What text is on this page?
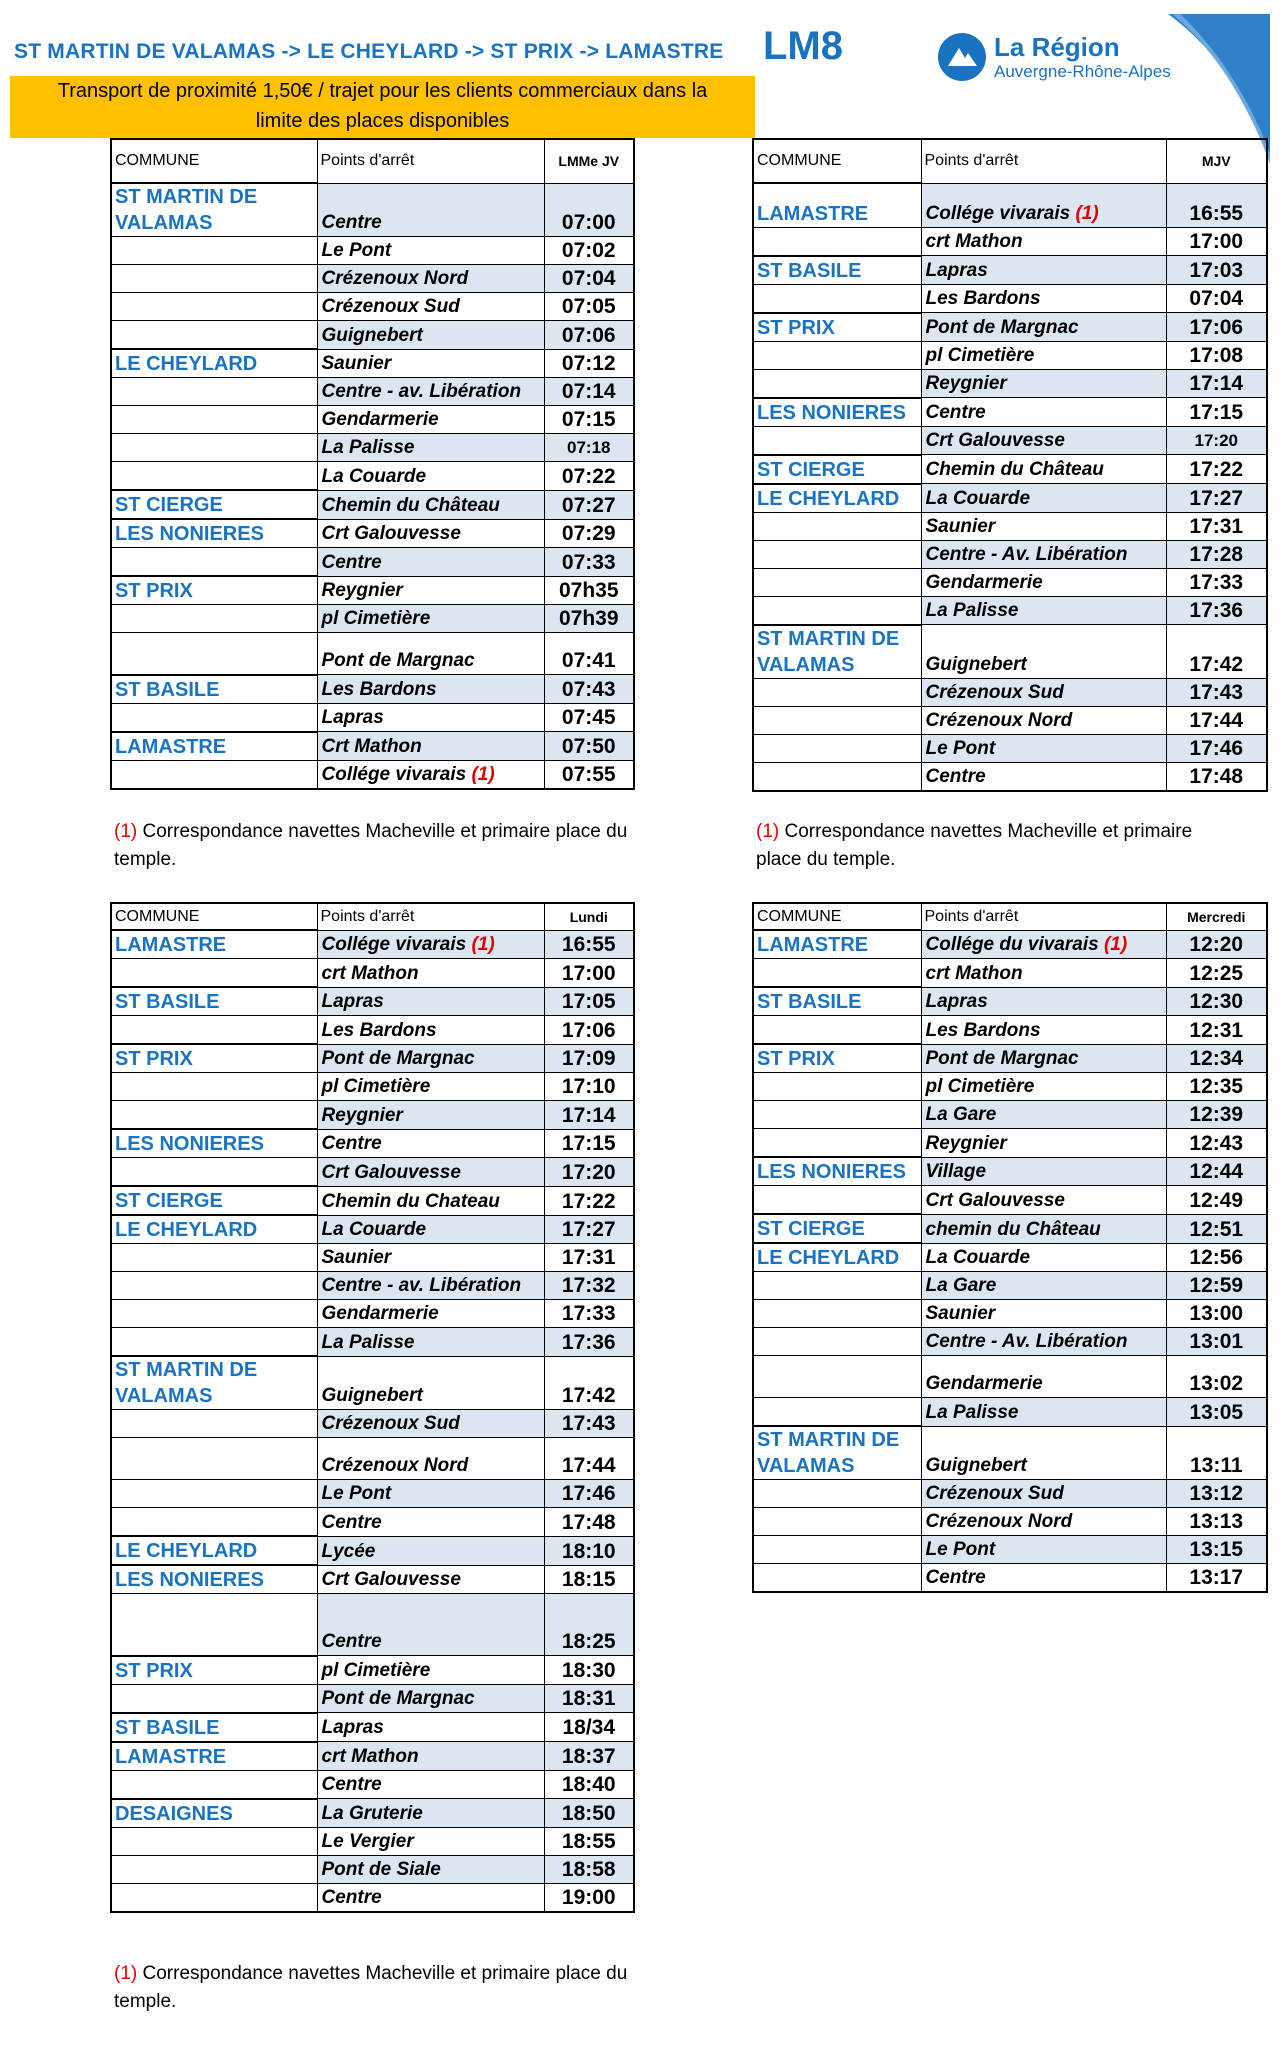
ST MARTIN DE VALAMAS -> LE CHEYLARD -> ST PRIX -> LAMASTRE LM8	La Région
Auvergne-Rhône-Alpes
Transport de proximité 1,50€ / trajet pour les clients commerciaux dans la
limite des places disponibles
COMMUNE	Points d'arrêt	LMMe JV
ST MARTIN DE VALAMAS	Centre	07:00
	Le Pont	07:02
	Crézenoux Nord	07:04
	Crézenoux Sud	07:05
	Guignebert	07:06
LE CHEYLARD	Saunier	07:12
	Centre - av. Libération	07:14
	Gendarmerie	07:15
	La Palisse	07:18
	La Couarde	07:22
ST CIERGE	Chemin du Château	07:27
LES NONIERES	Crt Galouvesse	07:29
	Centre	07:33
ST PRIX	Reygnier	07h35
	pl Cimetière	07h39
	Pont de Margnac	07:41
ST BASILE	Les Bardons	07:43
	Lapras	07:45
LAMASTRE	Crt Mathon	07:50
	Collége vivarais (1)	07:55
(1) Correspondance navettes Macheville et primaire place du temple.
COMMUNE	Points d'arrêt	MJV
LAMASTRE	Collége vivarais (1)	16:55
	crt Mathon	17:00
ST BASILE	Lapras	17:03
	Les Bardons	07:04
ST PRIX	Pont de Margnac	17:06
	pl Cimetière	17:08
	Reygnier	17:14
LES NONIERES	Centre	17:15
	Crt Galouvesse	17:20
ST CIERGE	Chemin du Château	17:22
LE CHEYLARD	La Couarde	17:27
	Saunier	17:31
	Centre - Av. Libération	17:28
	Gendarmerie	17:33
	La Palisse	17:36
ST MARTIN DE VALAMAS	Guignebert	17:42
	Crézenoux Sud	17:43
	Crézenoux Nord	17:44
	Le Pont	17:46
	Centre	17:48
(1) Correspondance navettes Macheville et primaire place du temple.
COMMUNE	Points d'arrêt	Lundi
LAMASTRE	Collége vivarais (1)	16:55
	crt Mathon	17:00
ST BASILE	Lapras	17:05
	Les Bardons	17:06
ST PRIX	Pont de Margnac	17:09
	pl Cimetière	17:10
	Reygnier	17:14
LES NONIERES	Centre	17:15
	Crt Galouvesse	17:20
ST CIERGE	Chemin du Chateau	17:22
LE CHEYLARD	La Couarde	17:27
	Saunier	17:31
	Centre - av. Libération	17:32
	Gendarmerie	17:33
	La Palisse	17:36
ST MARTIN DE VALAMAS	Guignebert	17:42
	Crézenoux Sud	17:43
	Crézenoux Nord	17:44
	Le Pont	17:46
	Centre	17:48
LE CHEYLARD	Lycée	18:10
LES NONIERES	Crt Galouvesse	18:15
	Centre	18:25
ST PRIX	pl Cimetière	18:30
	Pont de Margnac	18:31
ST BASILE	Lapras	18/34
LAMASTRE	crt Mathon	18:37
	Centre	18:40
DESAIGNES	La Gruterie	18:50
	Le Vergier	18:55
	Pont de Siale	18:58
	Centre	19:00
(1) Correspondance navettes Macheville et primaire place du temple.
COMMUNE	Points d'arrêt	Mercredi
LAMASTRE	Collége du vivarais (1)	12:20
	crt Mathon	12:25
ST BASILE	Lapras	12:30
	Les Bardons	12:31
ST PRIX	Pont de Margnac	12:34
	pl Cimetière	12:35
	La Gare	12:39
	Reygnier	12:43
LES NONIERES	Village	12:44
	Crt Galouvesse	12:49
ST CIERGE	chemin du Château	12:51
LE CHEYLARD	La Couarde	12:56
	La Gare	12:59
	Saunier	13:00
	Centre - Av. Libération	13:01
	Gendarmerie	13:02
	La Palisse	13:05
ST MARTIN DE VALAMAS	Guignebert	13:11
	Crézenoux Sud	13:12
	Crézenoux Nord	13:13
	Le Pont	13:15
	Centre	13:17
